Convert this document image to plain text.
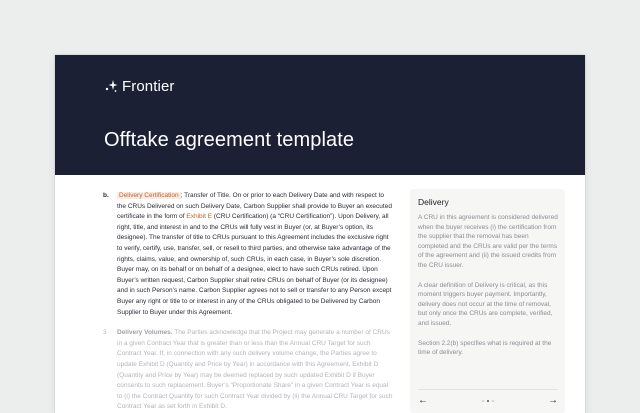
Frontier
Offtake agreement template
b. Delivery Certification ; Transfer of Title. On or prior to each Delivery Date and with respect to the CRUs Delivered on such Delivery Date, Carbon Supplier shall provide to Buyer an executed certificate in the form of Exhibit E (CRU Certification) (a “CRU Certification”). Upon Delivery, all right, title, and interest in and to the CRUs will fully vest in Buyer (or, at Buyer’s option, its designee). The transfer of title to CRUs pursuant to this Agreement includes the exclusive right to verify, certify, use, transfer, sell, or resell to third parties, and otherwise take advantage of the rights, claims, value, and ownership of, such CRUs, in each case, in Buyer’s sole discretion. Buyer may, on its behalf or on behalf of a designee, elect to have such CRUs retired. Upon Buyer’s written request, Carbon Supplier shall retire CRUs on behalf of Buyer (or its designee) and in such Person’s name. Carbon Supplier agrees not to sell or transfer to any Person except Buyer any right or title to or interest in any of the CRUs obligated to be Delivered by Carbon Supplier to Buyer under this Agreement.
3 Delivery Volumes. The Parties acknowledge that the Project may generate a number of CRUs in a given Contract Year that is greater than or less than the Annual CRU Target for such Contract Year. If, in connection with any such delivery volume change, the Parties agree to update Exhibit D (Quantity and Price by Year) in accordance with this Agreement, Exhibit D (Quantity and Price by Year) may be deemed replaced by such updated Exhibit D if Buyer consents to such replacement. Buyer’s “Proportionate Share” in a given Contract Year is equal to (i) the Contract Quantity for such Contract Year divided by (ii) the Annual CRU Target for such Contract Year as set forth in Exhibit D.
Delivery

A CRU in this agreement is considered delivered when the buyer receives (i) the certification from the supplier that the removal has been completed and the CRUs are valid per the terms of the agreement and (ii) the issued credits from the CRU issuer.

A clear definition of Delivery is critical, as this moment triggers buyer payment. Importantly, delivery does not occur at the time of removal, but only once the CRUs are complete, verified, and issued.

Section 2.2(b) specifies what is required at the time of delivery.

←	→
